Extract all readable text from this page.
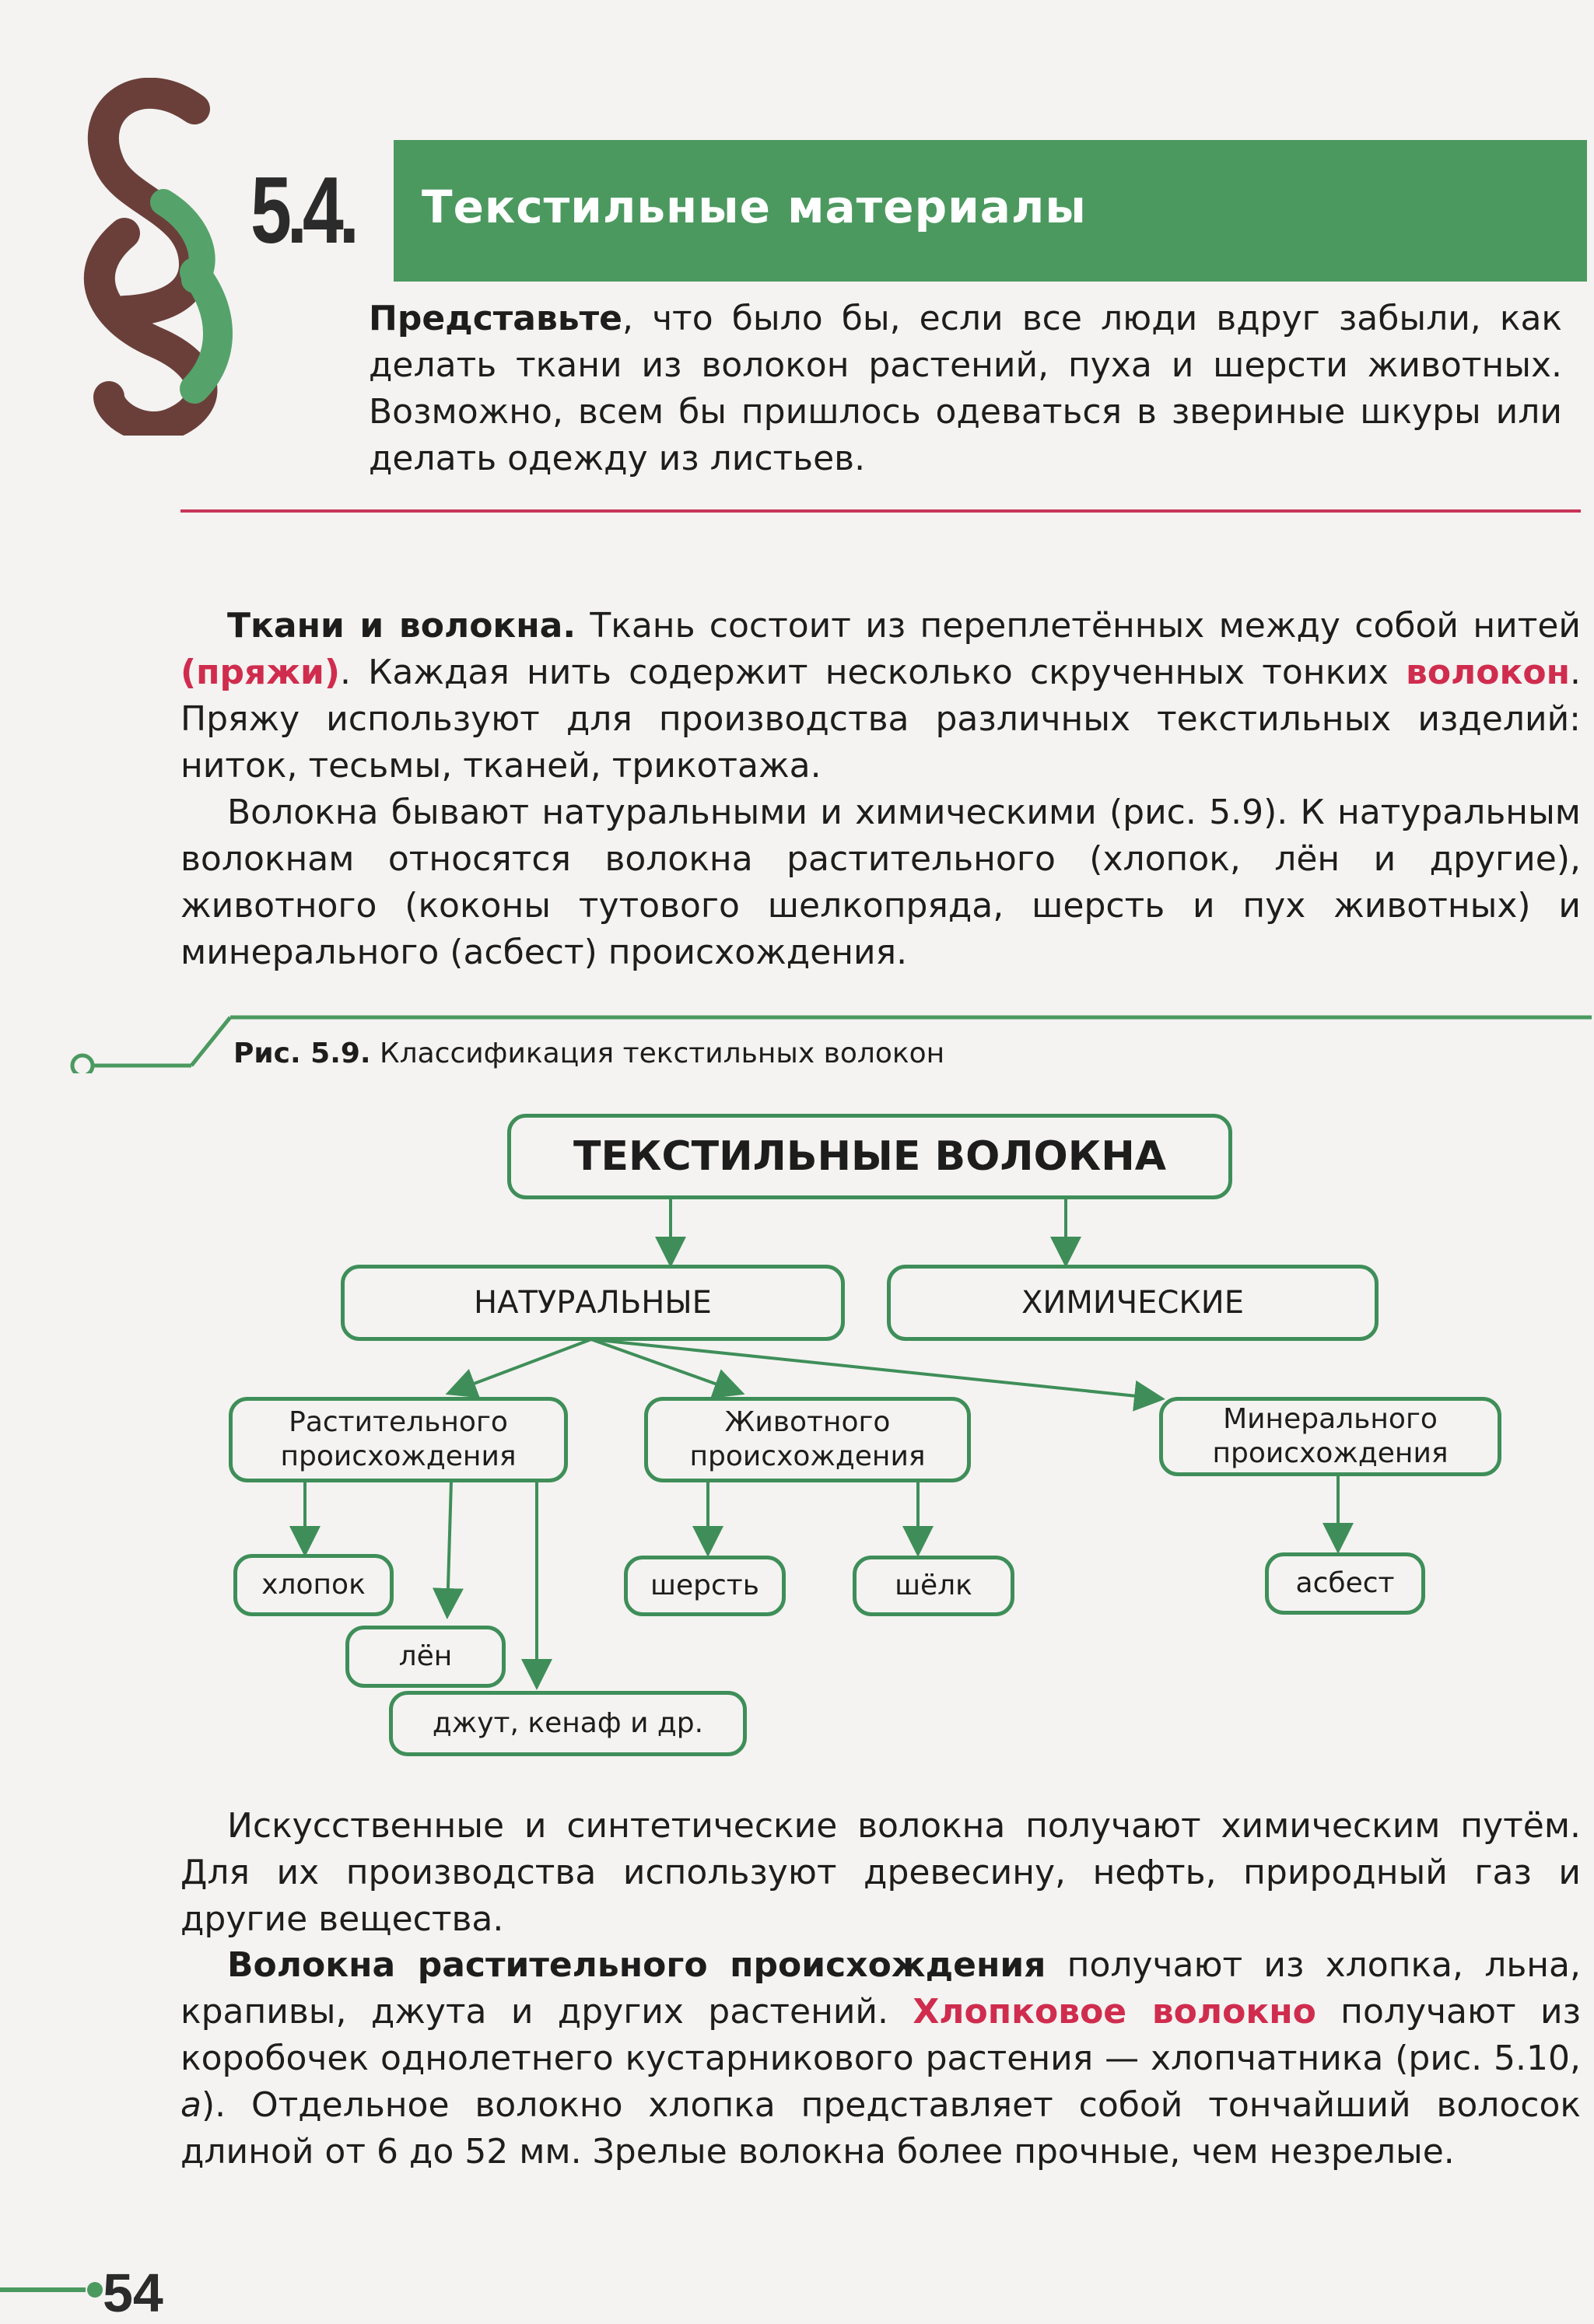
5.4. Текстильные материалы
Представьте, что было бы, если все люди вдруг забыли, как делать ткани из волокон растений, пуха и шерсти животных. Возможно, всем бы пришлось одеваться в звериные шкуры или делать одежду из листьев.
Ткани и волокна. Ткань состоит из переплетённых между собой нитей (пряжи). Каждая нить содержит несколько скрученных тонких волокон. Пряжу используют для производства различных текстильных изделий: ниток, тесьмы, тканей, трикотажа.
Волокна бывают натуральными и химическими (рис. 5.9). К натуральным волокнам относятся волокна растительного (хлопок, лён и другие), животного (коконы тутового шелкопряда, шерсть и пух животных) и минерального (асбест) происхождения.
Рис. 5.9. Классификация текстильных волокон
ТЕКСТИЛЬНЫЕ ВОЛОКНА
НАТУРАЛЬНЫЕ	ХИМИЧЕСКИЕ
Растительного
происхождения
Животного
происхождения
Минерального
происхождения
хлопок
лён
джут, кенаф и др.
шерсть	шёлк	асбест
Искусственные и синтетические волокна получают химическим путём. Для их производства используют древесину, нефть, природный газ и другие вещества.
Волокна растительного происхождения получают из хлопка, льна, крапивы, джута и других растений. Хлопковое волокно получают из коробочек однолетнего кустарникового растения — хлопчатника (рис. 5.10, а). Отдельное волокно хлопка представляет собой тончайший волосок длиной от 6 до 52 мм. Зрелые волокна более прочные, чем незрелые.
54
